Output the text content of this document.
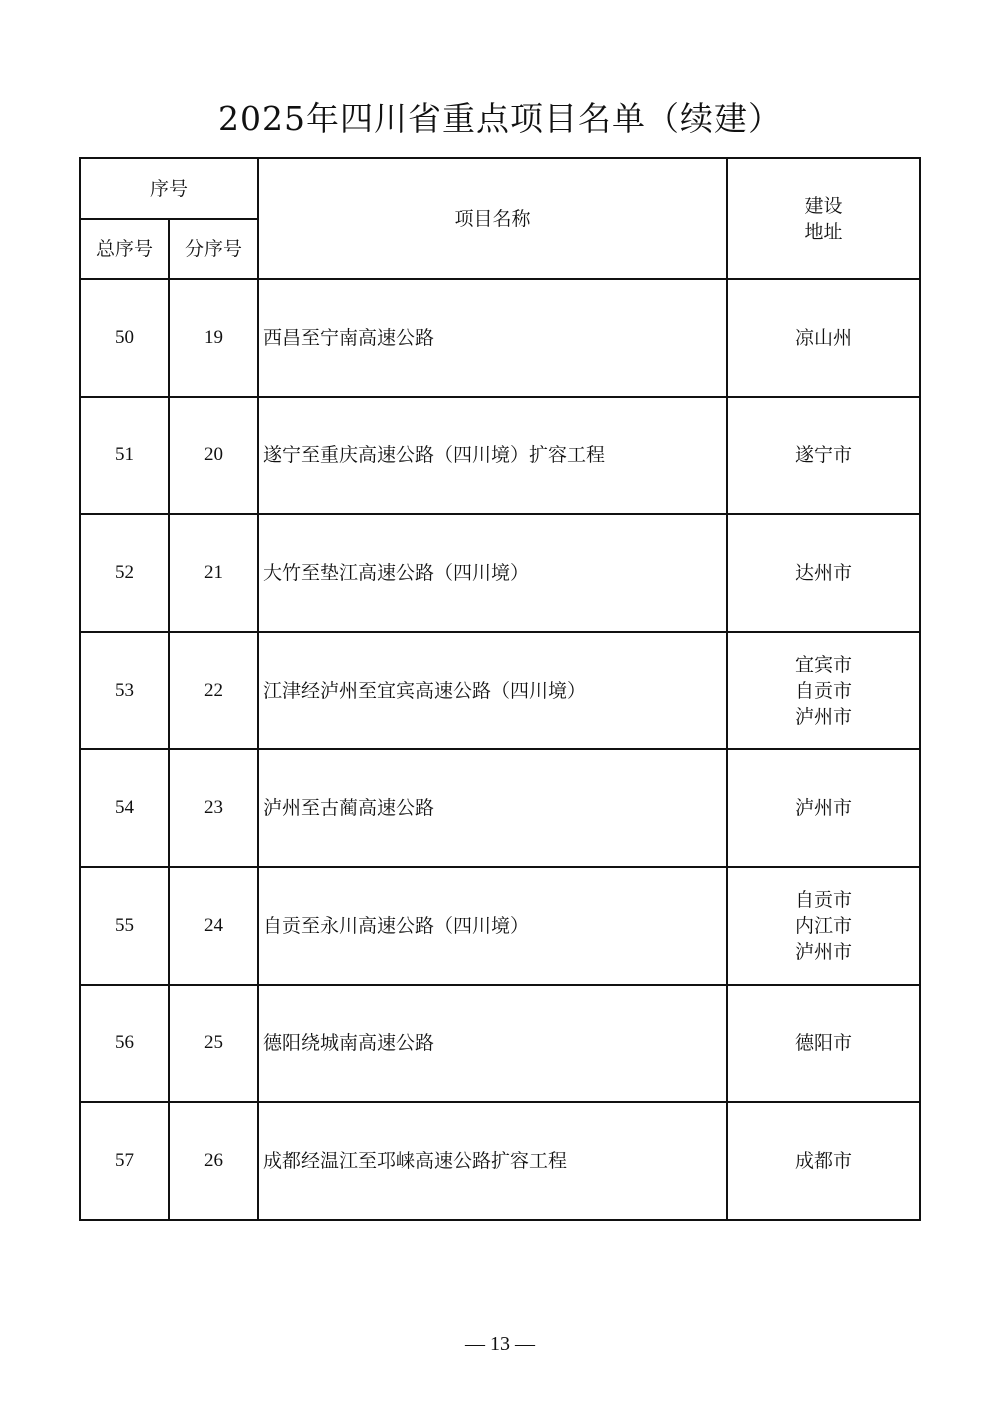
2025年四川省重点项目名单（续建）
序号		项目名称	建设
地址

总序号	分序号		
50	19	西昌至宁南高速公路	凉山州

51	20	遂宁至重庆高速公路（四川境）扩容工程	遂宁市

52	21	大竹至垫江高速公路（四川境）	达州市

53	22	江津经泸州至宜宾高速公路（四川境）	宜宾市
自贡市
泸州市

54	23	泸州至古蔺高速公路	泸州市

55	24	自贡至永川高速公路（四川境）	自贡市
内江市
泸州市

56	25	德阳绕城南高速公路	德阳市

57	26	成都经温江至邛崃高速公路扩容工程	成都市
— 13 —
